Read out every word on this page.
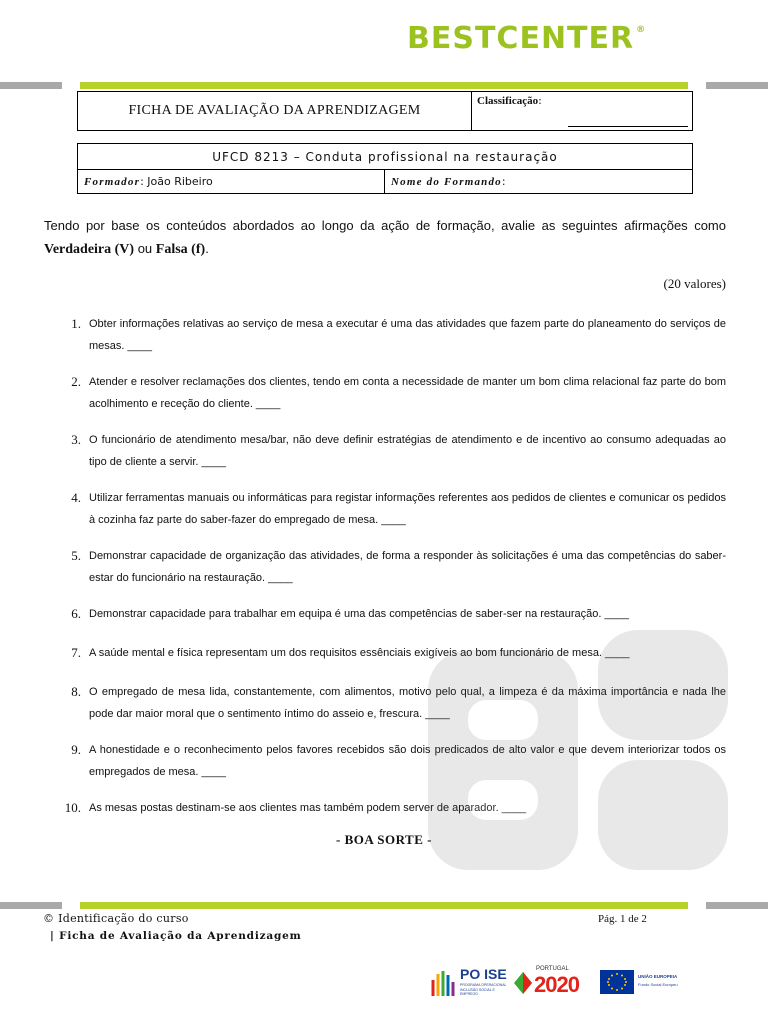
BESTCENTER ®
FICHA DE AVALIAÇÃO DA APRENDIZAGEM	Classificação:
UFCD 8213 – Conduta profissional na restauração
Formador: João Ribeiro	Nome do Formando:
Tendo por base os conteúdos abordados ao longo da ação de formação, avalie as seguintes afirmações como Verdadeira (V) ou Falsa (f).
(20 valores)
1. Obter informações relativas ao serviço de mesa a executar é uma das atividades que fazem parte do planeamento do serviços de mesas. ____
2. Atender e resolver reclamações dos clientes, tendo em conta a necessidade de manter um bom clima relacional faz parte do bom acolhimento e receção do cliente. ____
3. O funcionário de atendimento mesa/bar, não deve definir estratégias de atendimento e de incentivo ao consumo adequadas ao tipo de cliente a servir. ____
4. Utilizar ferramentas manuais ou informáticas para registar informações referentes aos pedidos de clientes e comunicar os pedidos à cozinha faz parte do saber-fazer do empregado de mesa. ____
5. Demonstrar capacidade de organização das atividades, de forma a responder às solicitações é uma das competências do saber-estar do funcionário na restauração. ____
6. Demonstrar capacidade para trabalhar em equipa é uma das competências de saber-ser na restauração. ____
7. A saúde mental e física representam um dos requisitos essênciais exigíveis ao bom funcionário de mesa. ____
8. O empregado de mesa lida, constantemente, com alimentos, motivo pelo qual, a limpeza é da máxima importância e nada lhe pode dar maior moral que o sentimento íntimo do asseio e, frescura. ____
9. A honestidade e o reconhecimento pelos favores recebidos são dois predicados de alto valor e que devem interiorizar todos os empregados de mesa. ____
10. As mesas postas destinam-se aos clientes mas também podem server de aparador. ____
- BOA SORTE -
© Identificação do curso
| Ficha de Avaliação da Aprendizagem
Pág. 1 de 2
PO ISE
PROGRAMA OPERACIONAL INCLUSÃO SOCIAL E EMPREGO
PORTUGAL
2020	UNIÃO EUROPEIA
Fundo Social Europeu
